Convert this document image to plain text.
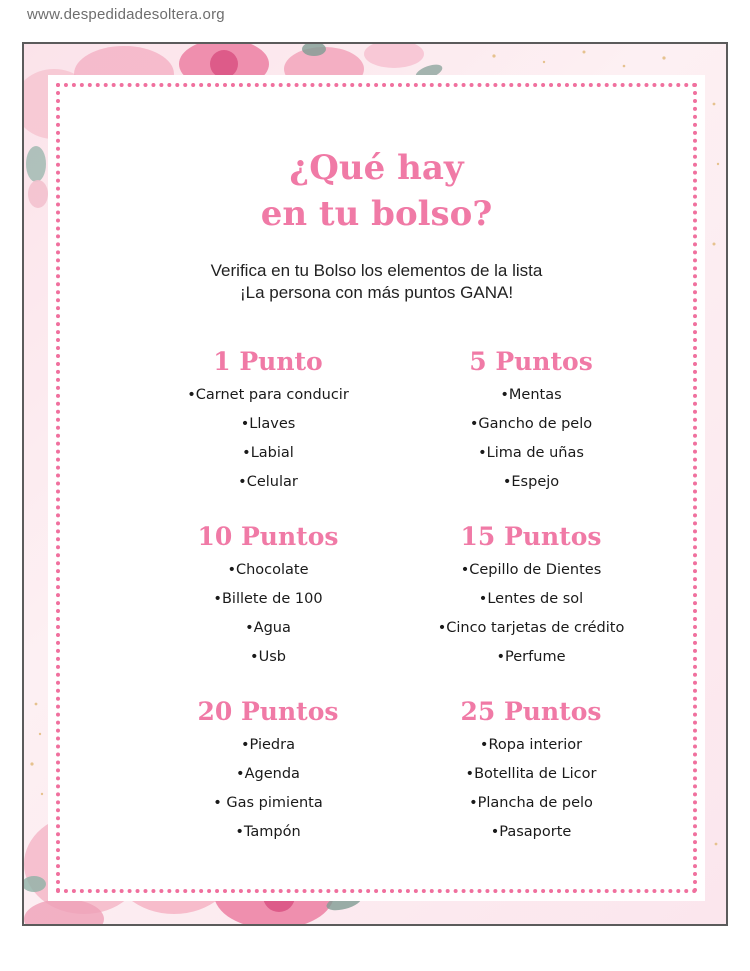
www.despedidadesoltera.org
¿Qué hay
en tu bolso?
Verifica en tu Bolso los elementos de la lista
¡La persona con más puntos GANA!
1 Punto
•Carnet para conducir
•Llaves
•Labial
•Celular
5 Puntos
•Mentas
•Gancho de pelo
•Lima de uñas
•Espejo
10 Puntos
•Chocolate
•Billete de 100
•Agua
•Usb
15 Puntos
•Cepillo de Dientes
•Lentes de sol
•Cinco tarjetas de crédito
•Perfume
20 Puntos
•Piedra
•Agenda
• Gas pimienta
•Tampón
25 Puntos
•Ropa interior
•Botellita de Licor
•Plancha de pelo
•Pasaporte
